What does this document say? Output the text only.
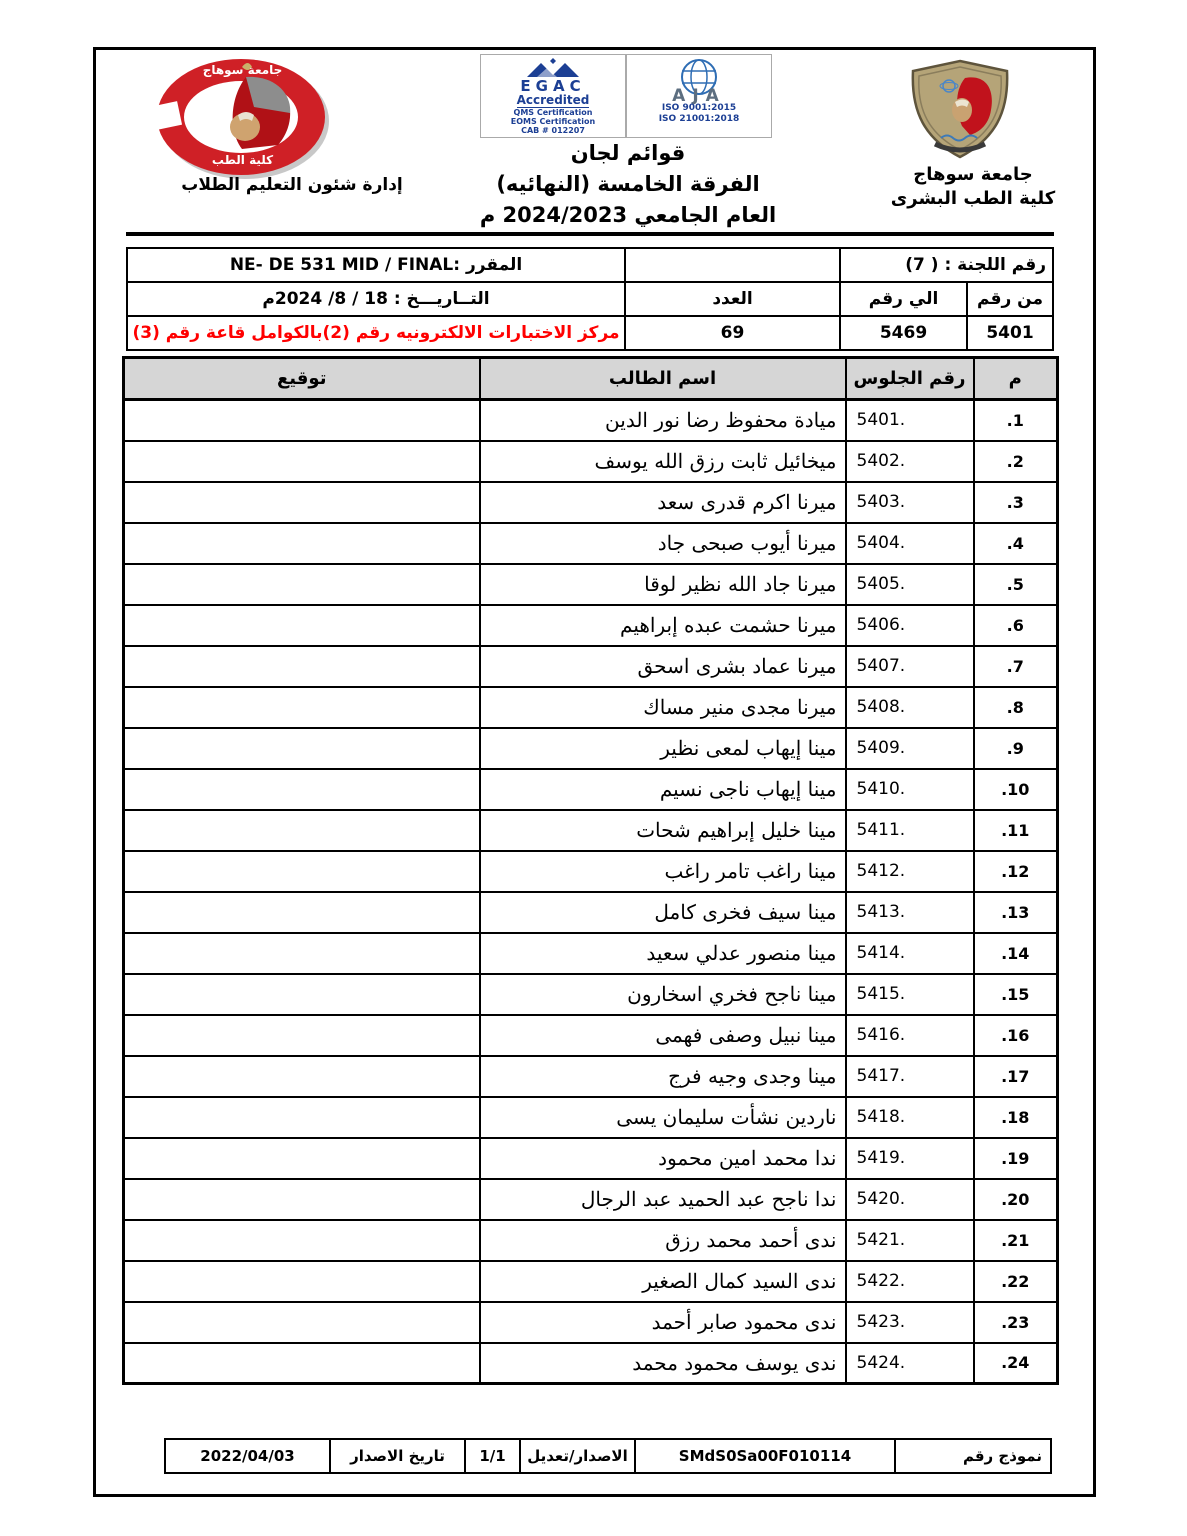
جامعة سوهاج
كلية الطب
إدارة شئون التعليم الطلاب
EGAC
Accredited
QMS Certification
EOMS Certification
CAB # 012207
AJA
ISO 9001:2015
ISO 21001:2018
قوائم لجان
الفرقة الخامسة (النهائيه)
العام الجامعي 2024/2023 م
جامعة سوهاج
كلية الطب البشرى
رقم اللجنة : ( 7)			المقرر :NE- DE 531 MID / FINAL
من رقم	الي رقم	العدد	التــاريـــخ : 18 / 8/ 2024م
5401	5469	69	مركز الاختبارات الالكترونيه رقم (2)بالكوامل قاعة رقم (3)
م	رقم الجلوس	اسم الطالب	توقيع
.1	5401.	ميادة محفوظ رضا نور الدين	
.2	5402.	ميخائيل ثابت رزق الله يوسف	
.3	5403.	ميرنا اكرم قدرى سعد	
.4	5404.	ميرنا أيوب صبحى جاد	
.5	5405.	ميرنا جاد الله نظير لوقا	
.6	5406.	ميرنا حشمت عبده إبراهيم	
.7	5407.	ميرنا عماد بشرى اسحق	
.8	5408.	ميرنا مجدى منير مساك	
.9	5409.	مينا إيهاب لمعى نظير	
.10	5410.	مينا إيهاب ناجى نسيم	
.11	5411.	مينا خليل إبراهيم شحات	
.12	5412.	مينا راغب تامر راغب	
.13	5413.	مينا سيف فخرى كامل	
.14	5414.	مينا منصور عدلي سعيد	
.15	5415.	مينا ناجح فخري اسخارون	
.16	5416.	مينا نبيل وصفى فهمى	
.17	5417.	مينا وجدى وجيه فرج	
.18	5418.	ناردين نشأت سليمان يسى	
.19	5419.	ندا محمد امين محمود	
.20	5420.	ندا ناجح عبد الحميد عبد الرجال	
.21	5421.	ندى أحمد محمد رزق	
.22	5422.	ندى السيد كمال الصغير	
.23	5423.	ندى محمود صابر أحمد	
.24	5424.	ندى يوسف محمود محمد	
نموذج رقم	SMdS0Sa00F010114	الاصدار/تعديل	1/1	تاريخ الاصدار	2022/04/03
